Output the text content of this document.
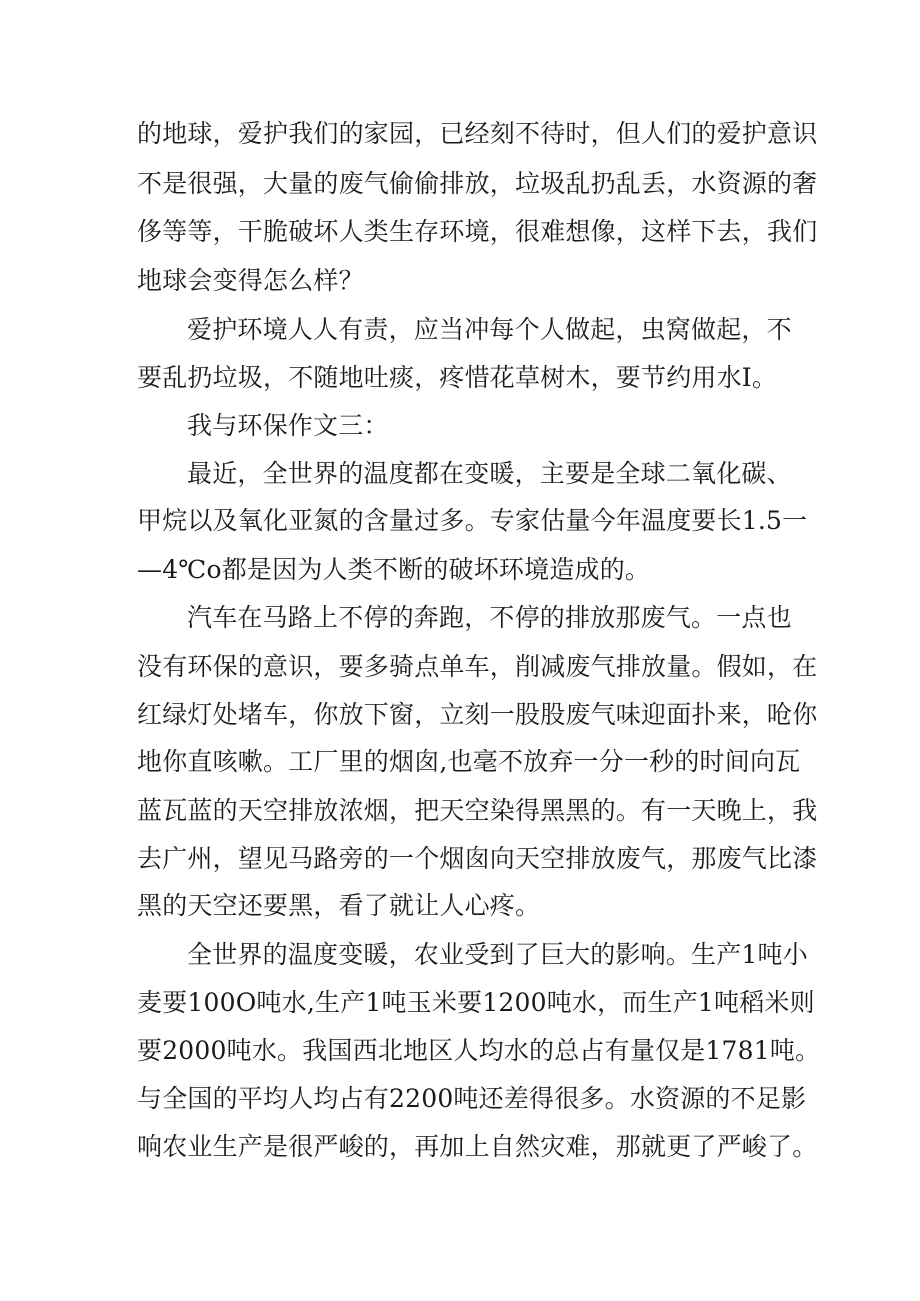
的地球，爱护我们的家园，已经刻不待时，但人们的爱护意识
不是很强，大量的废气偷偷排放，垃圾乱扔乱丢，水资源的奢
侈等等，干脆破坏人类生存环境，很难想像，这样下去，我们
地球会变得怎么样？
爱护环境人人有责，应当冲每个人做起，虫窝做起，不
要乱扔垃圾，不随地吐痰，疼惜花草树木，要节约用水I。
我与环保作文三：
最近，全世界的温度都在变暖，主要是全球二氧化碳、
甲烷以及氧化亚氮的含量过多。专家估量今年温度要长1.5一
—4℃o都是因为人类不断的破坏环境造成的。
汽车在马路上不停的奔跑，不停的排放那废气。一点也
没有环保的意识，要多骑点单车，削减废气排放量。假如，在
红绿灯处堵车，你放下窗，立刻一股股废气味迎面扑来，呛你
地你直咳嗽。工厂里的烟囱,也毫不放弃一分一秒的时间向瓦
蓝瓦蓝的天空排放浓烟，把天空染得黑黑的。有一天晚上，我
去广州，望见马路旁的一个烟囱向天空排放废气，那废气比漆
黑的天空还要黑，看了就让人心疼。
全世界的温度变暖，农业受到了巨大的影响。生产1吨小
麦要100O吨水,生产1吨玉米要1200吨水，而生产1吨稻米则
要2000吨水。我国西北地区人均水的总占有量仅是1781吨。
与全国的平均人均占有2200吨还差得很多。水资源的不足影
响农业生产是很严峻的，再加上自然灾难，那就更了严峻了。
